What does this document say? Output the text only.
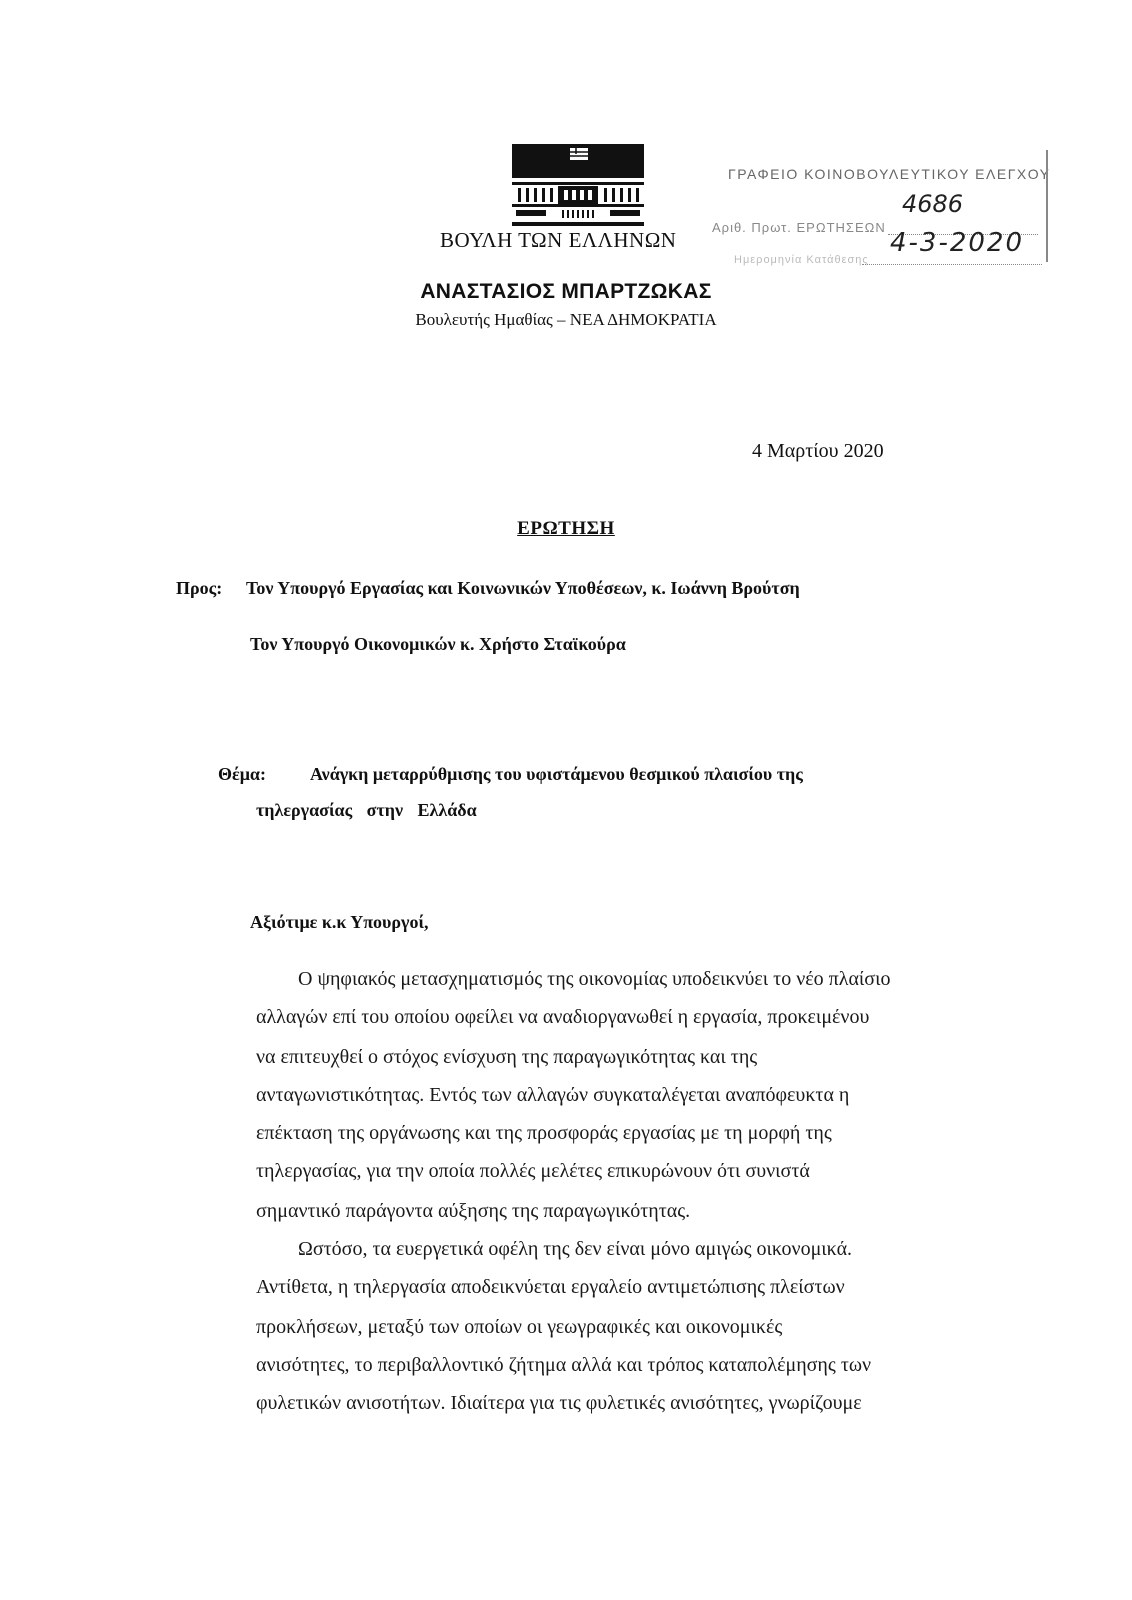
ΒΟΥΛΗ ΤΩΝ ΕΛΛΗΝΩΝ
ΓΡΑΦΕΙΟ ΚΟΙΝΟΒΟΥΛΕΥΤΙΚΟΥ ΕΛΕΓΧΟΥ
Αριθ. Πρωτ. ΕΡΩΤΗΣΕΩΝ
4686
Ημερομηνία Κατάθεσης
4-3-2020
ΑΝΑΣΤΑΣΙΟΣ ΜΠΑΡΤΖΩΚΑΣ
Βουλευτής Ημαθίας – ΝΕΑ ΔΗΜΟΚΡΑΤΙΑ
4 Μαρτίου 2020
ΕΡΩΤΗΣΗ
Προς: Τον Υπουργό Εργασίας και Κοινωνικών Υποθέσεων, κ. Ιωάννη Βρούτση
Τον Υπουργό Οικονομικών κ. Χρήστο Σταϊκούρα
Θέμα: Ανάγκη μεταρρύθμισης του υφιστάμενου θεσμικού πλαισίου της
τηλεργασίας στην Ελλάδα
Αξιότιμε κ.κ Υπουργοί,
Ο ψηφιακός μετασχηματισμός της οικονομίας υποδεικνύει το νέο πλαίσιο
αλλαγών επί του οποίου οφείλει να αναδιοργανωθεί η εργασία, προκειμένου
να επιτευχθεί ο στόχος ενίσχυση της παραγωγικότητας και της
ανταγωνιστικότητας. Εντός των αλλαγών συγκαταλέγεται αναπόφευκτα η
επέκταση της οργάνωσης και της προσφοράς εργασίας με τη μορφή της
τηλεργασίας, για την οποία πολλές μελέτες επικυρώνουν ότι συνιστά
σημαντικό παράγοντα αύξησης της παραγωγικότητας.
Ωστόσο, τα ευεργετικά οφέλη της δεν είναι μόνο αμιγώς οικονομικά.
Αντίθετα, η τηλεργασία αποδεικνύεται εργαλείο αντιμετώπισης πλείστων
προκλήσεων, μεταξύ των οποίων οι γεωγραφικές και οικονομικές
ανισότητες, το περιβαλλοντικό ζήτημα αλλά και τρόπος καταπολέμησης των
φυλετικών ανισοτήτων. Ιδιαίτερα για τις φυλετικές ανισότητες, γνωρίζουμε
